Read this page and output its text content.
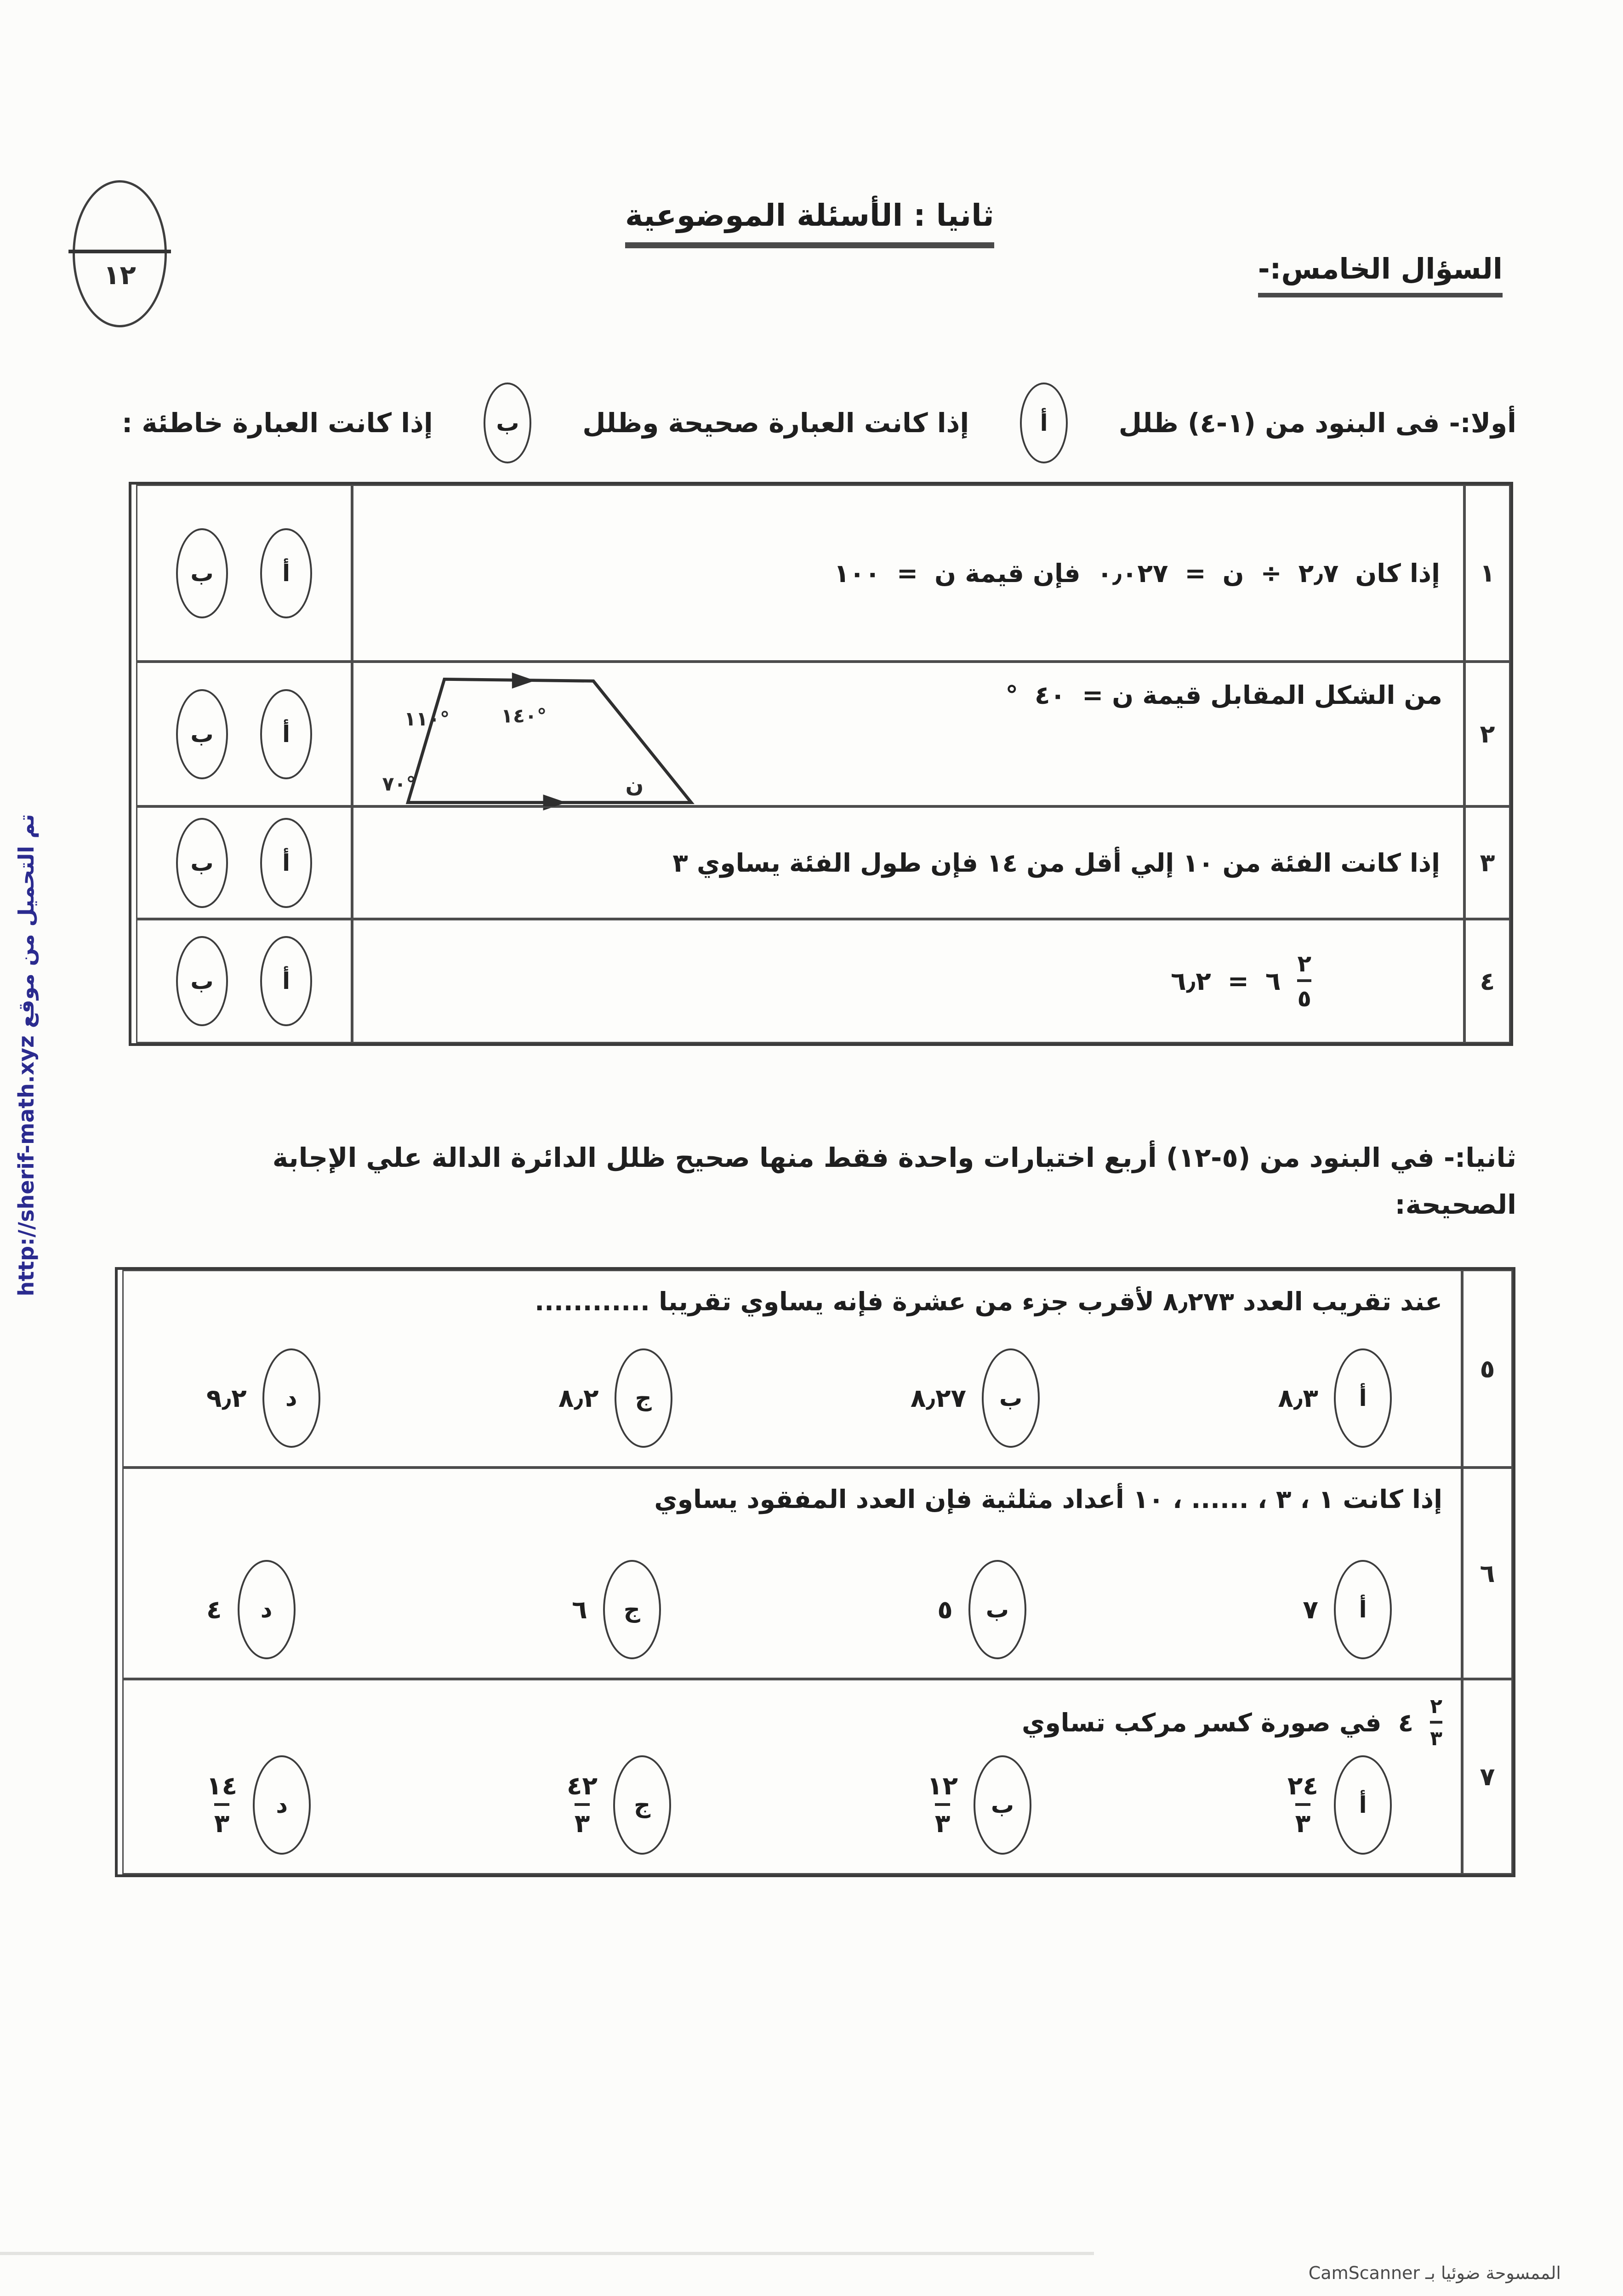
١٢
ثانيا : الأسئلة الموضوعية
السؤال الخامس:-
أولا:- فى البنود من (١-٤) ظلل
أ
إذا كانت العبارة صحيحة وظلل
ب
إذا كانت العبارة خاطئة :
١
إذا كان
٢٫٧
÷
ن
=
٠٫٠٢٧
فإن قيمة ن
=
١٠٠
أ
ب
٢
من الشكل المقابل قيمة ن =
٤٠
°
°١١٠	°١٤٠
°٧٠	ن
أ
ب
٣
إذا كانت الفئة من ١٠ إلي أقل من ١٤ فإن طول الفئة يساوي ٣
أ
ب
٤
$\frac{٢}{٥}$
٦
=
٦٫٢
أ
ب
ثانيا:- في البنود من (٥-١٢) أربع اختيارات واحدة فقط منها صحيح ظلل الدائرة الدالة علي الإجابة
الصحيحة:
٥
عند تقريب العدد ٨٫٢٧٣ لأقرب جزء من عشرة فإنه يساوي تقريبا ............
أ
٨٫٣
ب
٨٫٢٧
ج
٨٫٢
د
٩٫٢
٦
إذا كانت ١ ، ٣ ، ...... ، ١٠ أعداد مثلثية فإن العدد المفقود يساوي
أ
٧
ب
٥
ج
٦
د
٤
٧
$\frac{٢}{٣}$
٤
في صورة كسر مركب تساوي
أ
$\frac{٢٤}{٣}$
ب
$\frac{١٢}{٣}$
ج
$\frac{٤٢}{٣}$
د
$\frac{١٤}{٣}$
تم التحميل من موقع http://sherif-math.xyz
الممسوحة ضوئيا بـ CamScanner
